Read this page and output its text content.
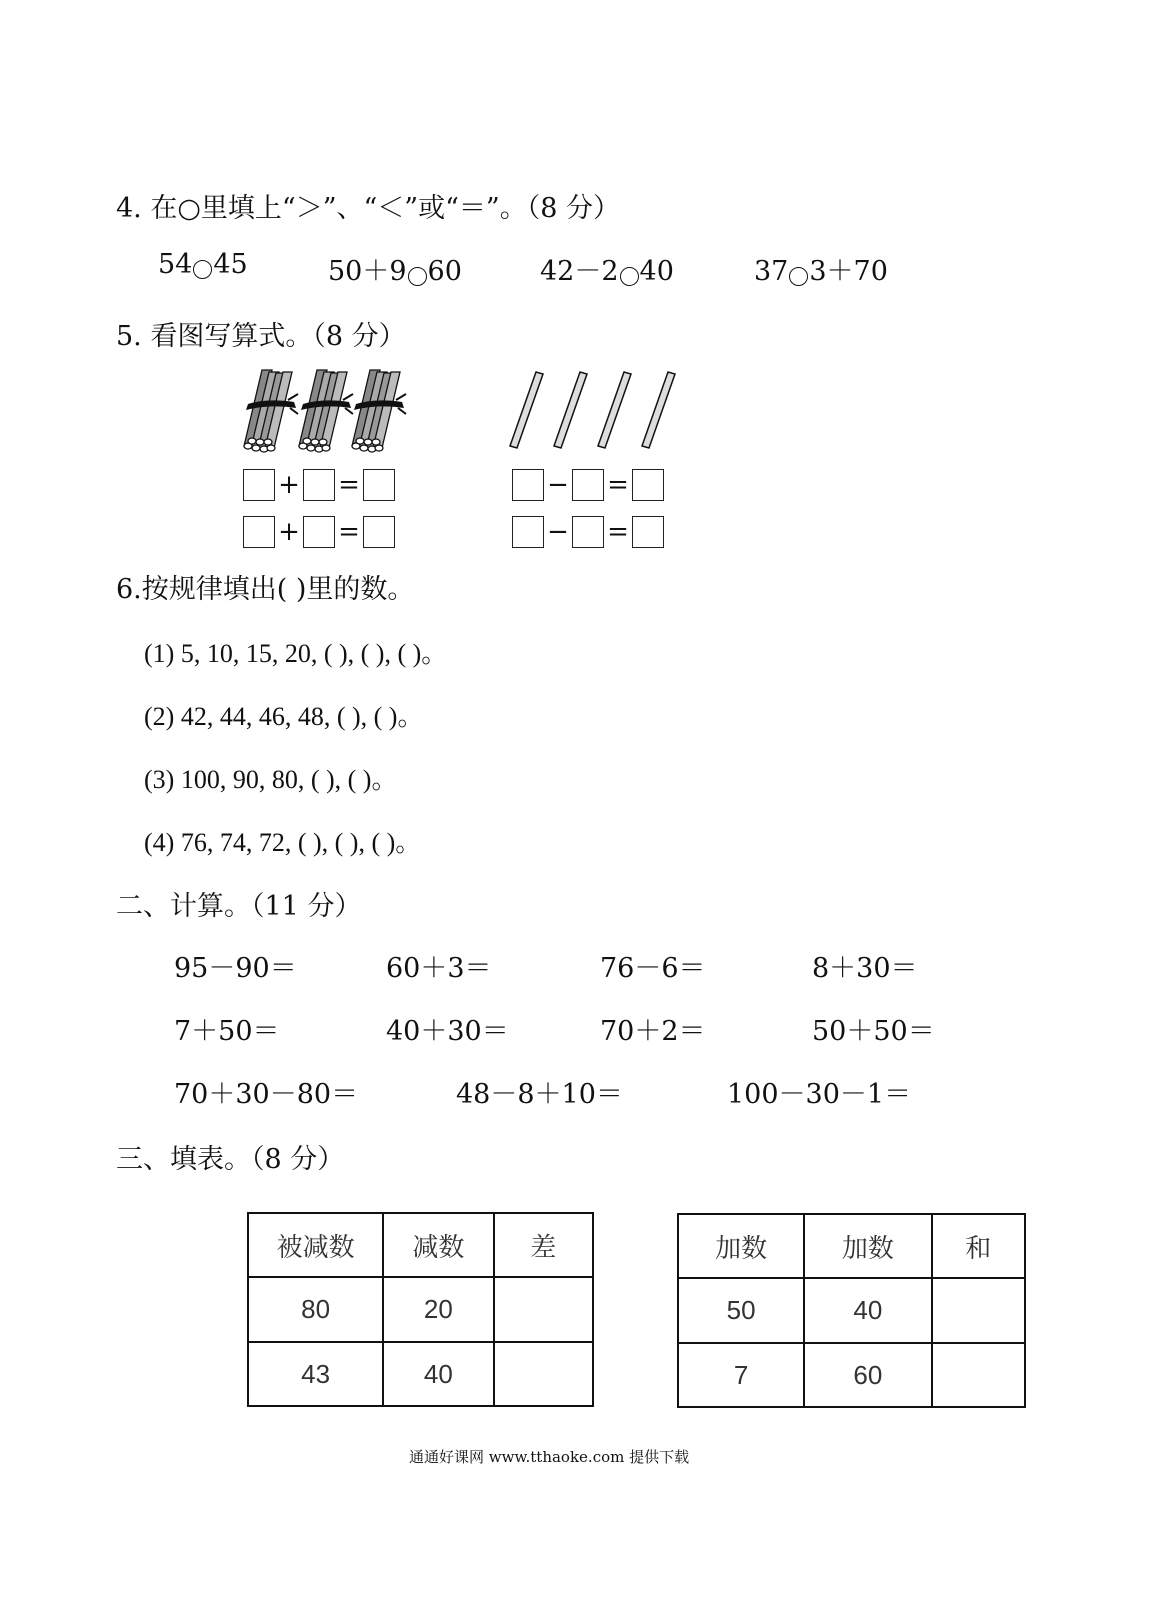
4. 在○里填上“＞”、“＜”或“＝”。（8 分）
54 45	50＋9 60	42－2 40	37 3＋70
5. 看图写算式。（8 分）
+ =
+ =
− =
− =
6.按规律填出( )里的数。
(1) 5, 10, 15, 20, ( ), ( ), ( )。
(2) 42, 44, 46, 48, ( ), ( )。
(3) 100, 90, 80, ( ), ( )。
(4) 76, 74, 72, ( ), ( ), ( )。
二、计算。（11 分）
95－90＝	60＋3＝	76－6＝	8＋30＝
7＋50＝	40＋30＝	70＋2＝	50＋50＝
70＋30－80＝	48－8＋10＝	100－30－1＝
三、填表。（8 分）
被减数	减数	差
80	20	
43	40	
加数	加数	和
50	40	
7	60	
通通好课网 www.tthaoke.com 提供下载
